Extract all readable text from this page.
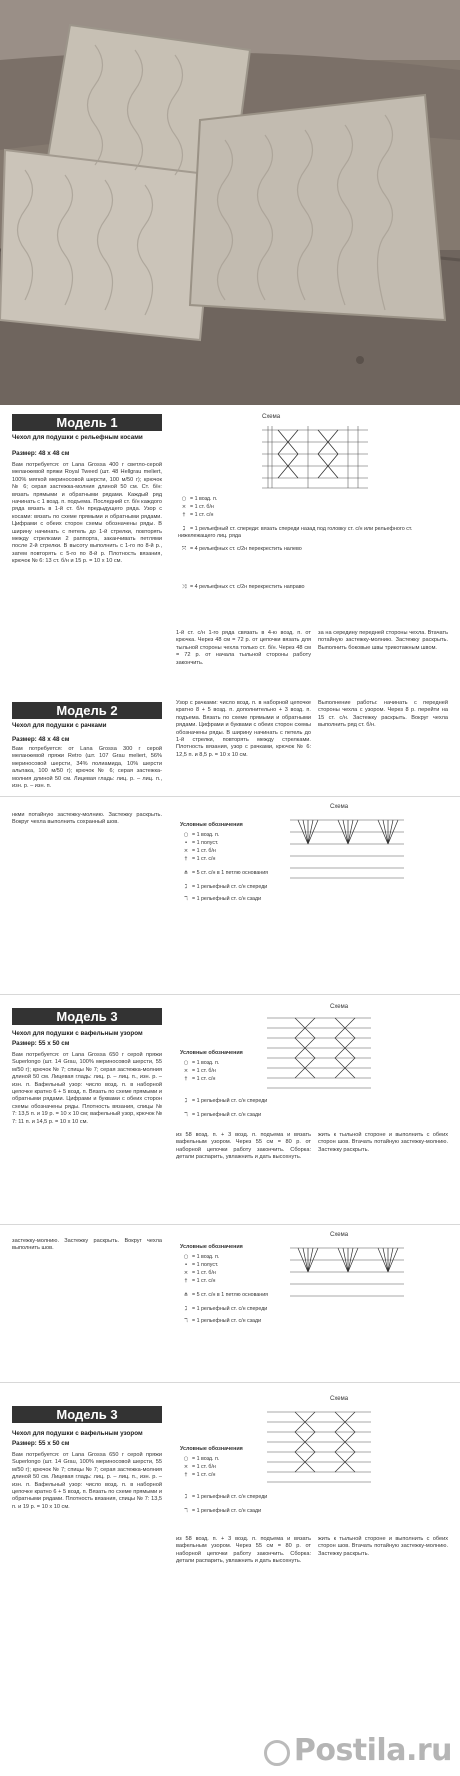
Модель 1
Чехол для подушки с рельефным косами
Размер: 48 x 48 см
Вам потребуется: от Lana Grossa 400 г светло-серой меланжевой пряжи Royal Tweed (шт. 48 Hellgrau meliert, 100% мягкой мериносовой шерсти, 100 м/50 г); крючок № 6; серая застежка-молния длиной 50 см. Ст. б/н: вязать прямыми и обратными рядами. Каждый ряд начинать с 1 возд. п. подъема. Последний ст. б/н каждого ряда вязать в 1-й ст. б/н предыдущего ряда. Узор с косами: вязать по схеме прямыми и обратными рядами. Цифрами с обеих сторон схемы обозначены ряды. В ширину начинать с петель до 1-й стрелки, повторять между стрелками 2 раппорта, заканчивать петлями после 2-й стрелки. В высоту выполнить с 1-го по 8-й р., затем повторять с 5-го по 8-й р. Плотность вязания, крючок № 6: 13 ст. б/н и 15 р. = 10 x 10 см.
Схема
○ = 1 возд. п.
× = 1 ст. б/н
† = 1 ст. с/н
ℷ = 1 рельефный ст. спереди: вязать спереди назад под головку ст. с/н или рельефного ст. нижележащего лиц. ряда
⤧ = 4 рельефных ст. с/2н перекрестить налево
⤨ = 4 рельефных ст. с/2н перекрестить направо
1-й ст. с/н 1-го ряда связать в 4-ю возд. п. от крючка. Через 48 см = 72 р. от цепочки вязать для тыльной стороны чехла только ст. б/н. Через 48 см = 72 р. от начала тыльной стороны работу закончить.
за на середину передней стороны чехла. Втачать потайную застежку-молнию. Застежку раскрыть. Выполнить боковые швы трикотажным швом.
Модель 2
Чехол для подушки с рачками
Узор с рачками: число возд. п. в наборной цепочке кратно 8 + 5 возд. п. дополнительно + 3 возд. п. подъема. Вязать по схеме прямыми и обратными рядами. Цифрами и буквами с обеих сторон схемы обозначены ряды. В ширину начинать с петель до 1-й стрелки, повторять между стрелками. Плотность вязания, узор с рачками, крючок № 6: 12,5 п. и 8,5 р. = 10 x 10 см.
Выполнение работы: начинать с передней стороны чехла с узором. Через 8 р. перейти на 15 ст. с/н. Застежку раскрыть. Вокруг чехла выполнить ряд ст. б/н.
Размер: 48 x 48 см
Вам потребуется: от Lana Grossa 300 г серой меланжевой пряжи Retro (шт. 107 Grau meliert, 56% мериносовой шерсти, 34% полиамида, 10% шерсти альпака, 100 м/50 г); крючок № 6; серая застежка-молния длиной 50 см. Лицевая гладь: лиц. р. – лиц. п., изн. р. – изн. п.
нкми потайную застежку-молнию. Застежку раскрыть. Вокруг чехла выполнить сохранный шов.
Схема
Условные обозначения
○ = 1 возд. п.
• = 1 полуст.
× = 1 ст. б/н
† = 1 ст. с/н
⋔ = 5 ст. с/н в 1 петлю основания
ℷ = 1 рельефный ст. с/н спереди
ℸ = 1 рельефный ст. с/н сзади
Модель 3
Чехол для подушки с вафельным узором
Размер: 55 x 50 см
Вам потребуется: от Lana Grossa 650 г серой пряжи Superlongo (шт. 14 Grau, 100% мериносовой шерсти, 55 м/50 г); крючок № 7; спицы № 7; серая застежка-молния длиной 50 см. Лицевая гладь: лиц. р. – лиц. п., изн. р. – изн. п. Вафельный узор: число возд. п. в наборной цепочке кратно 6 + 5 возд. п. Вязать по схеме прямыми и обратными рядами. Цифрами и буквами с обеих сторон схемы обозначены ряды. Плотность вязания, спицы № 7: 13,5 п. и 19 р. = 10 x 10 см; вафельный узор, крючок № 7: 11 п. и 14,5 р. = 10 x 10 см.
Схема
Условные обозначения
○ = 1 возд. п.
× = 1 ст. б/н
† = 1 ст. с/н
ℷ = 1 рельефный ст. с/н спереди
ℸ = 1 рельефный ст. с/н сзади
из 58 возд. п. + 3 возд. п. подъема и вязать вафельным узором. Через 55 см = 80 р. от наборной цепочки работу закончить. Сборка: детали распарить, увлажнить и дать высохнуть.
жить к тыльной стороне и выполнить с обеих сторон шов. Втачать потайную застежку-молнию. Застежку раскрыть.
застежку-молнию. Застежку раскрыть. Вокруг чехла выполнить шов.
Схема
Условные обозначения
○ = 1 возд. п.
• = 1 полуст.
× = 1 ст. б/н
† = 1 ст. с/н
⋔ = 5 ст. с/н в 1 петлю основания
ℷ = 1 рельефный ст. с/н спереди
ℸ = 1 рельефный ст. с/н сзади
Модель 3
Чехол для подушки с вафельным узором
Размер: 55 x 50 см
Вам потребуется: от Lana Grossa 650 г серой пряжи Superlongo (шт. 14 Grau, 100% мериносовой шерсти, 55 м/50 г); крючок № 7; спицы № 7; серая застежка-молния длиной 50 см. Лицевая гладь: лиц. р. – лиц. п., изн. р. – изн. п. Вафельный узор: число возд. п. в наборной цепочке кратно 6 + 5 возд. п. Вязать по схеме прямыми и обратными рядами. Плотность вязания, спицы № 7: 13,5 п. и 19 р. = 10 x 10 см.
Схема
Условные обозначения
○ = 1 возд. п.
× = 1 ст. б/н
† = 1 ст. с/н
ℷ = 1 рельефный ст. с/н спереди
ℸ = 1 рельефный ст. с/н сзади
из 58 возд. п. + 3 возд. п. подъема и вязать вафельным узором. Через 55 см = 80 р. от наборной цепочки работу закончить. Сборка: детали распарить, увлажнить и дать высохнуть.
жить к тыльной стороне и выполнить с обеих сторон шов. Втачать потайную застежку-молнию. Застежку раскрыть.
Postila.ru
